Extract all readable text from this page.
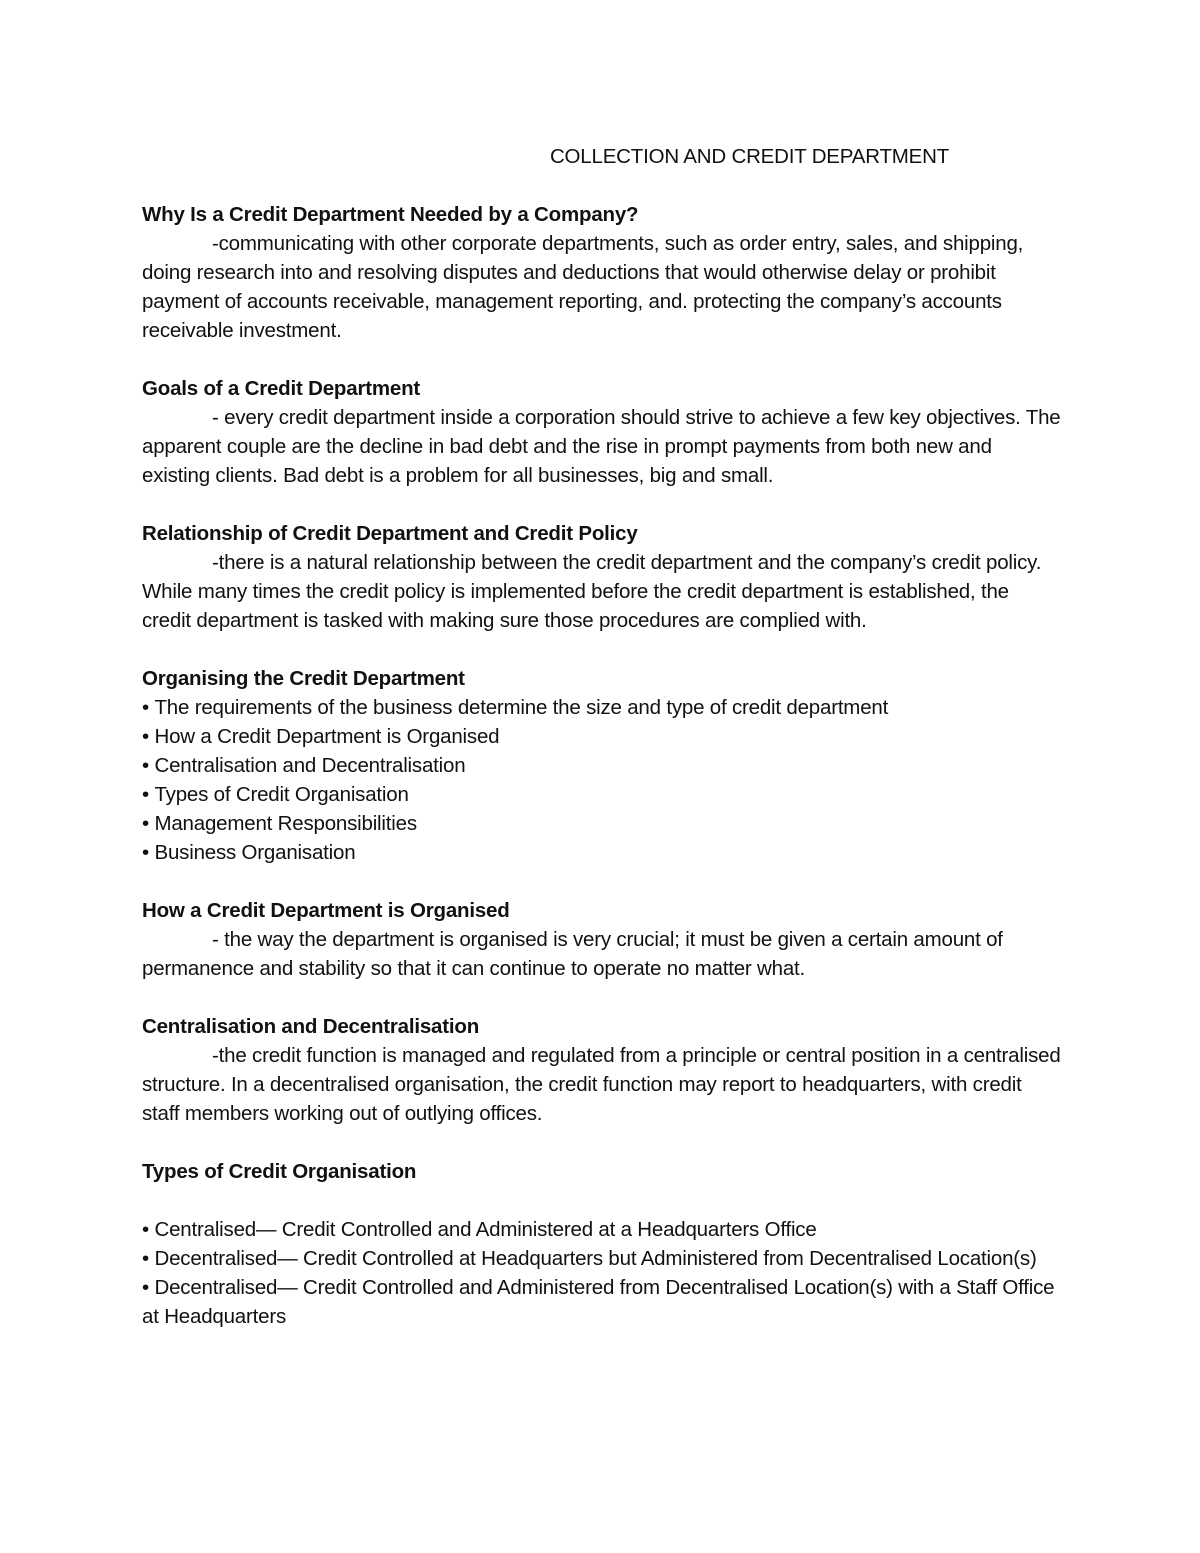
COLLECTION AND CREDIT DEPARTMENT
Why Is a Credit Department Needed by a Company?
-communicating with other corporate departments, such as order entry, sales, and shipping, doing research into and resolving disputes and deductions that would otherwise delay or prohibit payment of accounts receivable, management reporting, and. protecting the company’s accounts receivable investment.
Goals of a Credit Department
- every credit department inside a corporation should strive to achieve a few key objectives. The apparent couple are the decline in bad debt and the rise in prompt payments from both new and existing clients. Bad debt is a problem for all businesses, big and small.
Relationship of Credit Department and Credit Policy
-there is a natural relationship between the credit department and the company’s credit policy. While many times the credit policy is implemented before the credit department is established, the credit department is tasked with making sure those procedures are complied with.
Organising the Credit Department
• The requirements of the business determine the size and type of credit department
• How a Credit Department is Organised
• Centralisation and Decentralisation
• Types of Credit Organisation
• Management Responsibilities
• Business Organisation
How a Credit Department is Organised
- the way the department is organised is very crucial; it must be given a certain amount of permanence and stability so that it can continue to operate no matter what.
Centralisation and Decentralisation
-the credit function is managed and regulated from a principle or central position in a centralised structure. In a decentralised organisation, the credit function may report to headquarters, with credit staff members working out of outlying offices.
Types of Credit Organisation
• Centralised— Credit Controlled and Administered at a Headquarters Office
• Decentralised— Credit Controlled at Headquarters but Administered from Decentralised Location(s)
• Decentralised— Credit Controlled and Administered from Decentralised Location(s) with a Staff Office at Headquarters
